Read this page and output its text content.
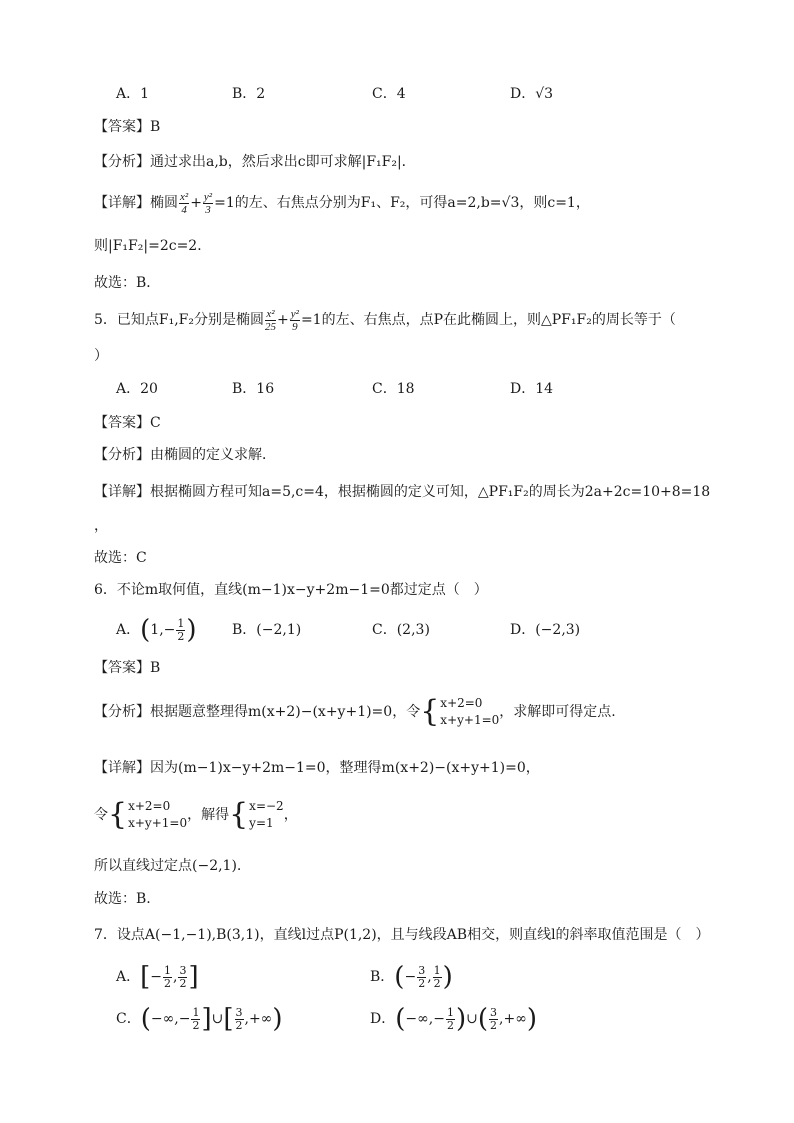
A．1	B．2	C．4	D．√3
【答案】B
【分析】通过求出a,b，然后求出c即可求解|F₁F₂|．
【详解】椭圆 $\frac{\text{x²}}{4} + \frac{\text{y²}}{3} =1$的左、右焦点分别为F₁、F₂，可得a=2,b=√3，则c=1，
则|F₁F₂|=2c=2．
故选：B．
5．已知点F₁,F₂分别是椭圆 $\frac{\text{x²}}{25} + \frac{\text{y²}}{9} =1$的左、右焦点，点P在此椭圆上，则△PF₁F₂的周长等于（
）
A．20	B．16	C．18	D．14
【答案】C
【分析】由椭圆的定义求解．
【详解】根据椭圆方程可知a=5,c=4，根据椭圆的定义可知，△PF₁F₂的周长为2a+2c=10+8=18
，
故选：C
6．不论m取何值，直线(m−1)x−y+2m−1=0都过定点（　）
A．($1,- \frac{1}{2}$ )	B．(−2,1)	C．(2,3)	D．(−2,3)
【答案】B
【分析】根据题意整理得m(x+2)−(x+y+1)=0，令{ x+2=0
x+y+1=0 ，求解即可得定点.
【详解】因为(m−1)x−y+2m−1=0，整理得m(x+2)−(x+y+1)=0，
令{ x+2=0
x+y+1=0 ，解得{ x=−2
y=1 ，
所以直线过定点(−2,1).
故选：B.
7．设点A(−1,−1),B(3,1)，直线l过点P(1,2)，且与线段AB相交，则直线l的斜率取值范围是（　）
A．[− $\frac{1}{2}$ , $\frac{3}{2}$ ]	B．(− $\frac{3}{2}$ , $\frac{1}{2}$ )
C．(−∞,− $\frac{1}{2}$ ]∪[ $\frac{3}{2}$ ,+∞)	D．(−∞,− $\frac{1}{2}$ )∪( $\frac{3}{2}$ ,+∞)
